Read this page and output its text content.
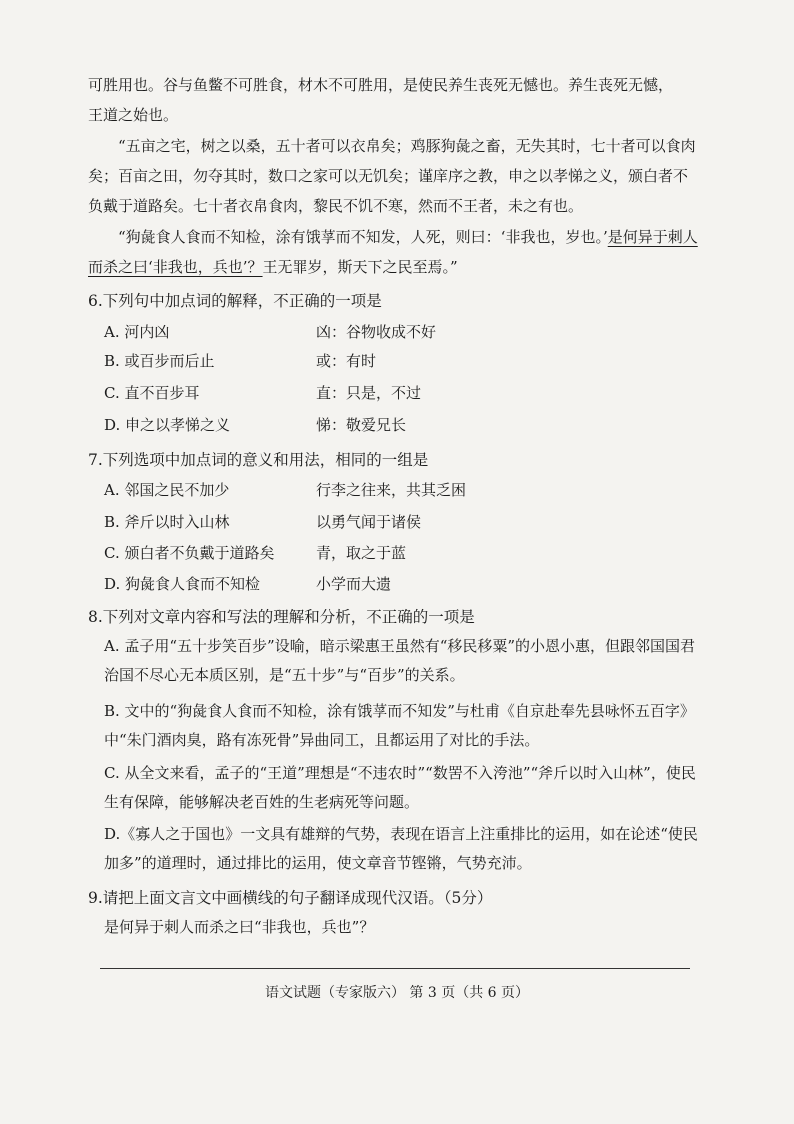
可胜用也。谷与鱼鳖不可胜食，材木不可胜用，是使民养生丧死无憾也。养生丧死无憾，
王道之始也。

“五亩之宅，树之以桑，五十者可以衣帛矣；鸡豚狗彘之畜，无失其时，七十者可以食肉矣；百亩之田，勿夺其时，数口之家可以无饥矣；谨庠序之教，申之以孝悌之义，颁白者不负戴于道路矣。七十者衣帛食肉，黎民不饥不寒，然而不王者，未之有也。

“狗彘食人食而不知检，涂有饿莩而不知发，人死，则曰：‘非我也，岁也。’是何异于刺人而杀之曰‘非我也，兵也’？王无罪岁，斯天下之民至焉。”

6.下列句中加点词的解释，不正确的一项是

A. 河内凶	凶：谷物收成不好

B. 或百步而后止	或：有时

C. 直不百步耳	直：只是，不过

D. 申之以孝悌之义	悌：敬爱兄长

7.下列选项中加点词的意义和用法，相同的一组是

A. 邻国之民不加少	行李之往来，共其乏困

B. 斧斤以时入山林	以勇气闻于诸侯

C. 颁白者不负戴于道路矣	青，取之于蓝

D. 狗彘食人食而不知检	小学而大遗

8.下列对文章内容和写法的理解和分析，不正确的一项是

A. 孟子用“五十步笑百步”设喻，暗示梁惠王虽然有“移民移粟”的小恩小惠，但跟邻国国君治国不尽心无本质区别，是“五十步”与“百步”的关系。

B. 文中的“狗彘食人食而不知检，涂有饿莩而不知发”与杜甫《自京赴奉先县咏怀五百字》中“朱门酒肉臭，路有冻死骨”异曲同工，且都运用了对比的手法。

C. 从全文来看，孟子的“王道”理想是“不违农时”“数罟不入洿池”“斧斤以时入山林”，使民生有保障，能够解决老百姓的生老病死等问题。

D.《寡人之于国也》一文具有雄辩的气势，表现在语言上注重排比的运用，如在论述“使民加多”的道理时，通过排比的运用，使文章音节铿锵，气势充沛。

9.请把上面文言文中画横线的句子翻译成现代汉语。（5分）

是何异于刺人而杀之曰“非我也，兵也”？

语文试题（专家版六） 第 3 页（共 6 页）
